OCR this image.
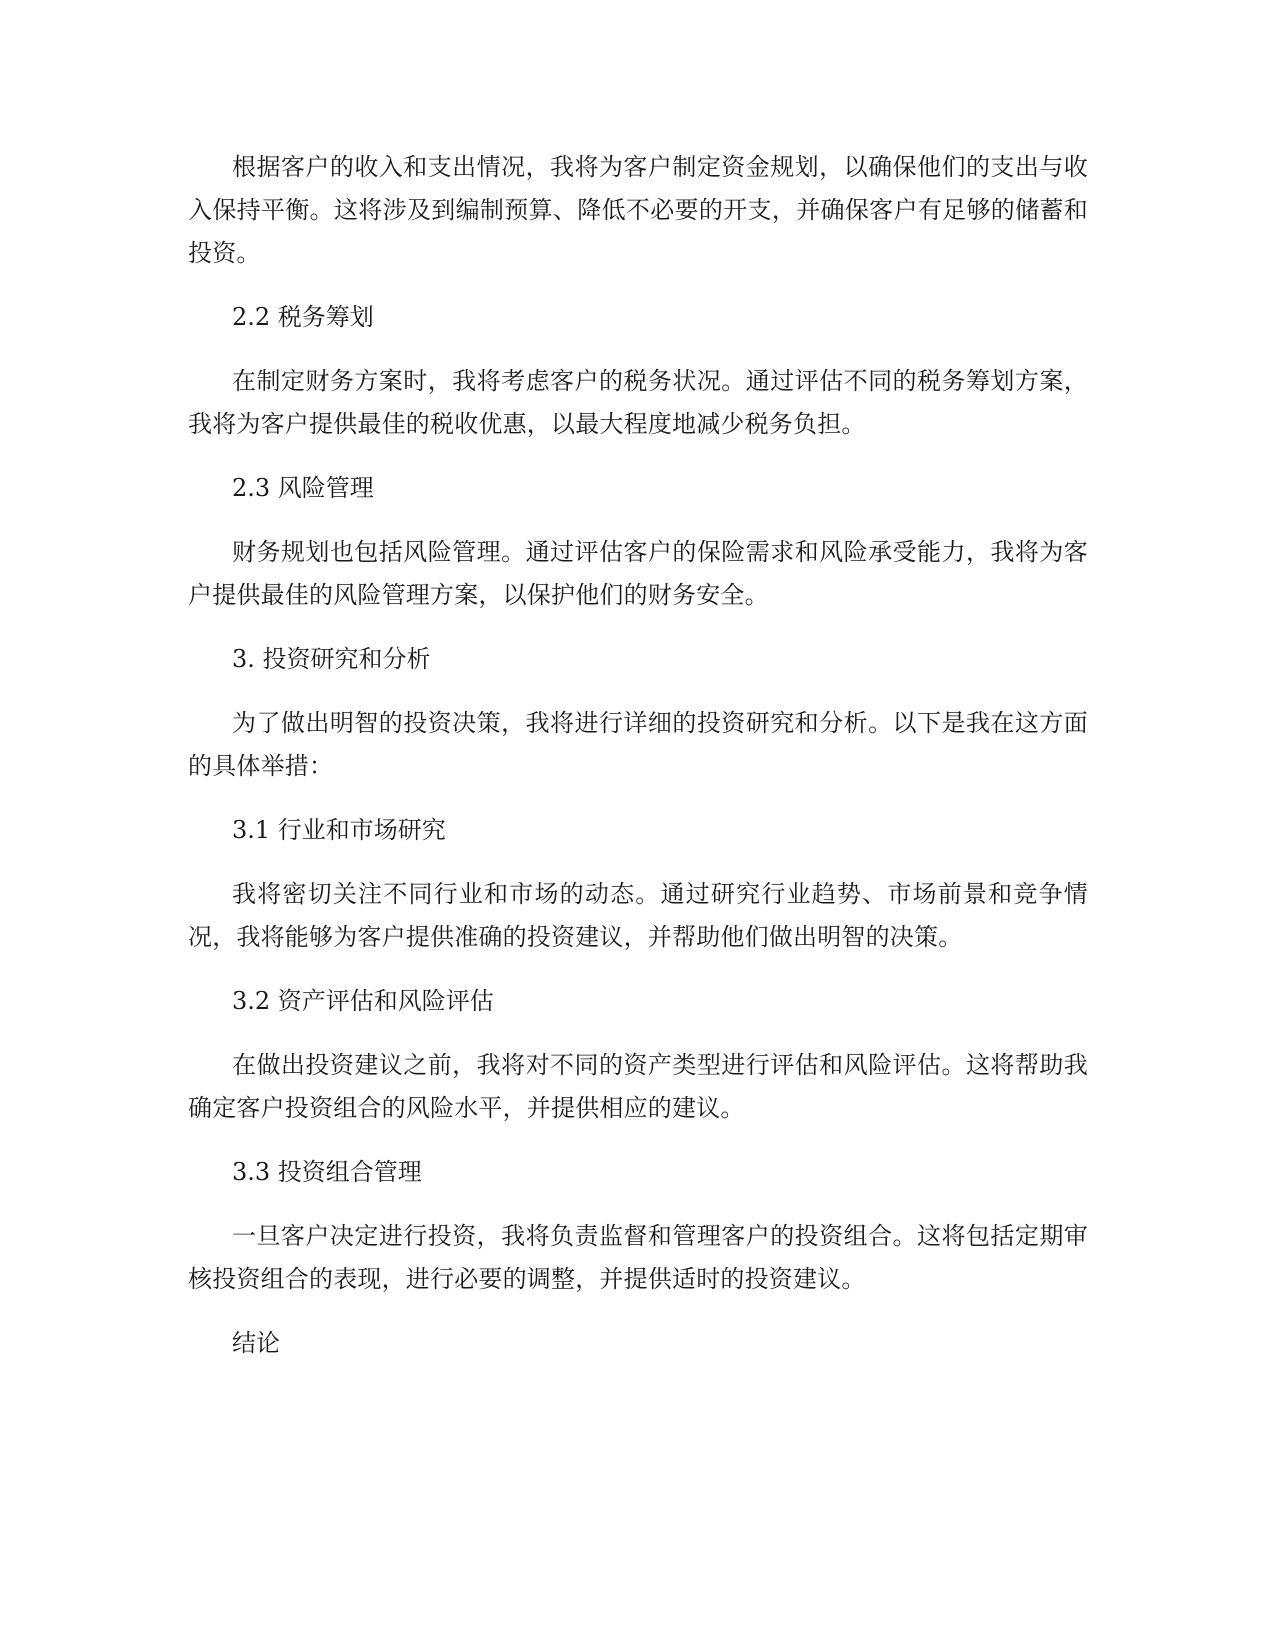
根据客户的收入和支出情况，我将为客户制定资金规划，以确保他们的支出与收入保持平衡。这将涉及到编制预算、降低不必要的开支，并确保客户有足够的储蓄和投资。

2.2 税务筹划

在制定财务方案时，我将考虑客户的税务状况。通过评估不同的税务筹划方案，我将为客户提供最佳的税收优惠，以最大程度地减少税务负担。

2.3 风险管理

财务规划也包括风险管理。通过评估客户的保险需求和风险承受能力，我将为客户提供最佳的风险管理方案，以保护他们的财务安全。

3. 投资研究和分析

为了做出明智的投资决策，我将进行详细的投资研究和分析。以下是我在这方面的具体举措：

3.1 行业和市场研究

我将密切关注不同行业和市场的动态。通过研究行业趋势、市场前景和竞争情况，我将能够为客户提供准确的投资建议，并帮助他们做出明智的决策。

3.2 资产评估和风险评估

在做出投资建议之前，我将对不同的资产类型进行评估和风险评估。这将帮助我确定客户投资组合的风险水平，并提供相应的建议。

3.3 投资组合管理

一旦客户决定进行投资，我将负责监督和管理客户的投资组合。这将包括定期审核投资组合的表现，进行必要的调整，并提供适时的投资建议。

结论
